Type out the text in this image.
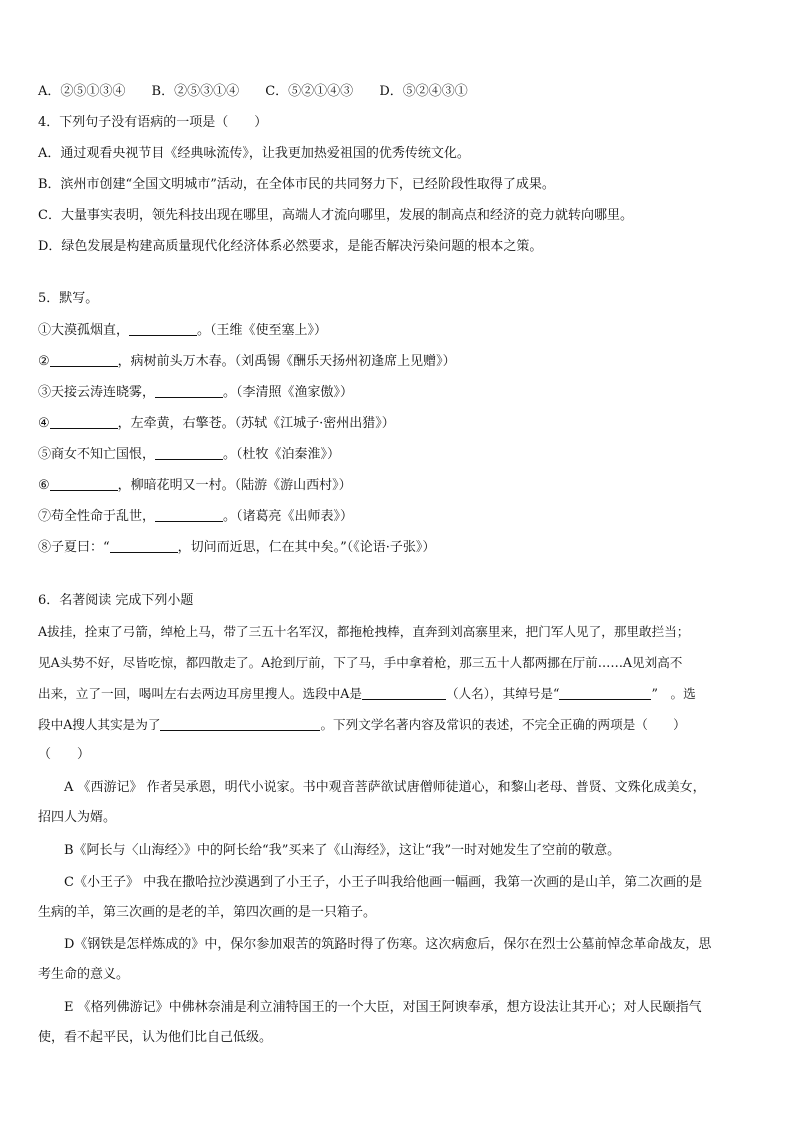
A．②⑤①③④ B．②⑤③①④ C．⑤②①④③ D．⑤②④③①
4．下列句子没有语病的一项是（　　）
A．通过观看央视节目《经典咏流传》，让我更加热爱祖国的优秀传统文化。
B．滨州市创建“全国文明城市”活动，在全体市民的共同努力下，已经阶段性取得了成果。
C．大量事实表明，领先科技出现在哪里，高端人才流向哪里，发展的制高点和经济的竞力就转向哪里。
D．绿色发展是构建高质量现代化经济体系必然要求，是能否解决污染问题的根本之策。
5．默写。
①大漠孤烟直，	。（王维《使至塞上》）
②	，病树前头万木春。（刘禹锡《酬乐天扬州初逢席上见赠》）
③天接云涛连晓雾，	。（李清照《渔家傲》）
④	，左牵黄，右擎苍。（苏轼《江城子·密州出猎》）
⑤商女不知亡国恨，	。（杜牧《泊秦淮》）
⑥	，柳暗花明又一村。（陆游《游山西村》）
⑦苟全性命于乱世，	。（诸葛亮《出师表》）
⑧子夏曰：“	，切问而近思，仁在其中矣。”（《论语·子张》）
6．名著阅读 完成下列小题
A拔挂，拴束了弓箭，绰枪上马，带了三五十名军汉，都拖枪拽棒，直奔到刘高寨里来，把门军人见了，那里敢拦当；
见A头势不好，尽皆吃惊，都四散走了。A抢到厅前，下了马，手中拿着枪，那三五十人都两挪在厅前……A见刘高不
出来，立了一回，喝叫左右去两边耳房里搜人。选段中A是	（人名），其绰号是“	”　。选
段中A搜人其实是为了	。下列文学名著内容及常识的表述，不完全正确的两项是（　　）
（　　）
A 《西游记》 作者吴承恩，明代小说家。书中观音菩萨欲试唐僧师徒道心，和黎山老母、普贤、文殊化成美女，
招四人为婿。
B《阿长与〈山海经〉》中的阿长给“我”买来了《山海经》，这让“我”一时对她发生了空前的敬意。
C《小王子》 中我在撒哈拉沙漠遇到了小王子，小王子叫我给他画一幅画，我第一次画的是山羊，第二次画的是
生病的羊，第三次画的是老的羊，第四次画的是一只箱子。
D《钢铁是怎样炼成的》中，保尔参加艰苦的筑路时得了伤寒。这次病愈后，保尔在烈士公墓前悼念革命战友，思
考生命的意义。
E 《格列佛游记》中佛林奈浦是利立浦特国王的一个大臣，对国王阿谀奉承，想方设法让其开心；对人民颐指气
使，看不起平民，认为他们比自己低级。
